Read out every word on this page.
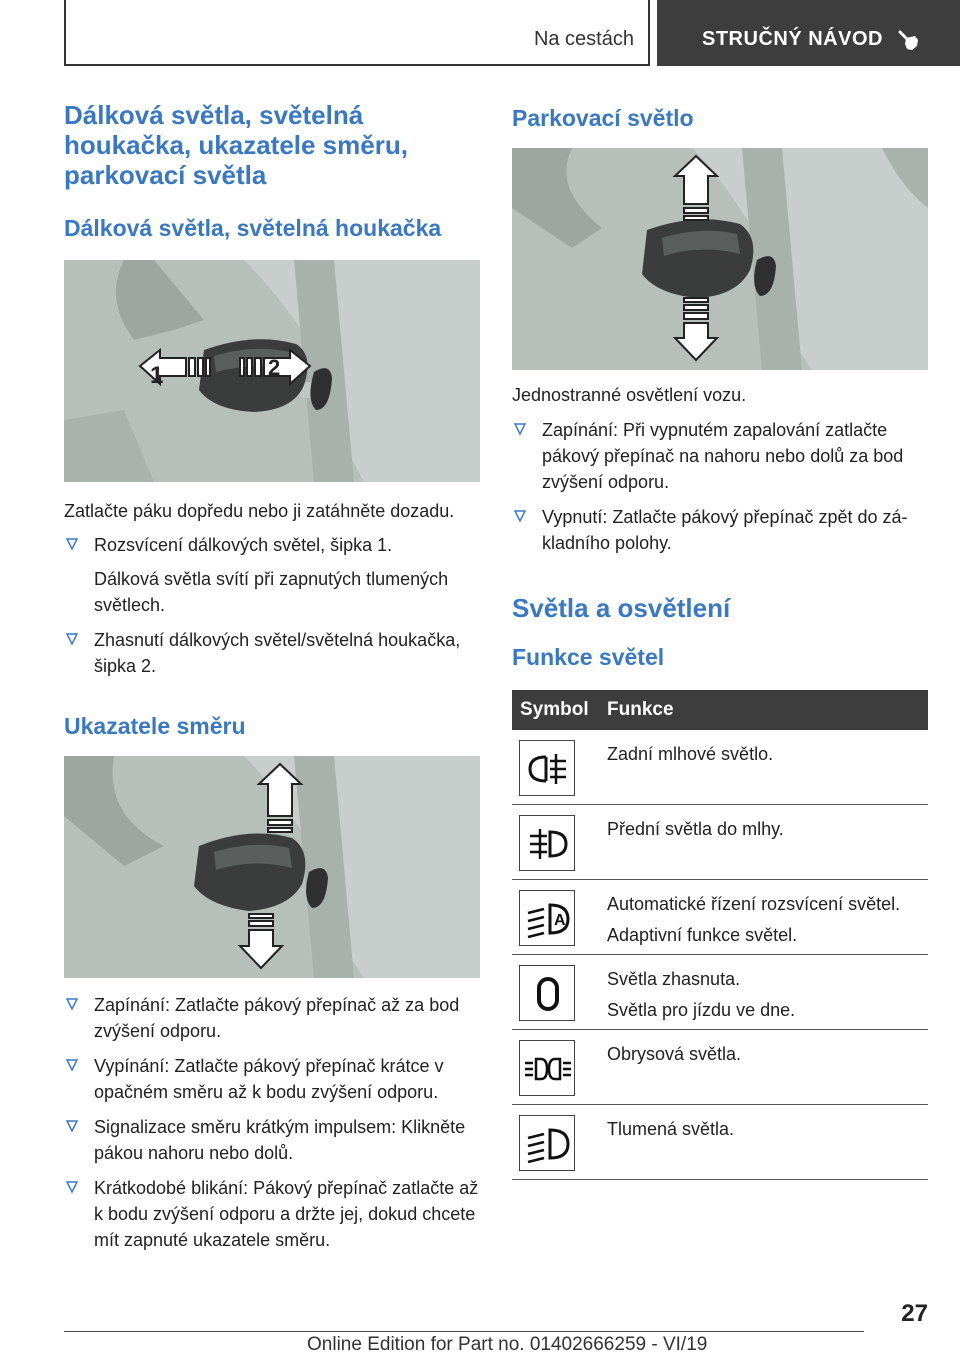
Na cestách	STRUČNÝ NÁVOD
Dálková světla, světelná houkačka, ukazatele směru, parkovací světla
Dálková světla, světelná houkačka
1	2

Zatlačte páku dopředu nebo ji zatáhněte dozadu.

Rozsvícení dálkových světel, šipka 1.
Dálková světla svítí při zapnutých tlumených světlech.
Zhasnutí dálkových světel/světelná houkačka, šipka 2.
Ukazatele směru
Zapínání: Zatlačte pákový přepínač až za bod zvýšení odporu.
Vypínání: Zatlačte pákový přepínač krátce v opačném směru až k bodu zvýšení odporu.
Signalizace směru krátkým impulsem: Klikněte pákou nahoru nebo dolů.
Krátkodobé blikání: Pákový přepínač zatlačte až k bodu zvýšení odporu a držte jej, dokud chcete mít zapnuté ukazatele směru.
Parkovací světlo

Jednostranné osvětlení vozu.

Zapínání: Při vypnutém zapalování zatlačte pákový přepínač na nahoru nebo dolů za bod zvýšení odporu.
Vypnutí: Zatlačte pákový přepínač zpět do základního polohy.
Světla a osvětlení
Funkce světel
Symbol Funkce
Zadní mlhové světlo.
Přední světla do mlhy.
A
Automatické řízení rozsvícení světel.
Adaptivní funkce světel.
Světla zhasnuta.
Světla pro jízdu ve dne.
Obrysová světla.
Tlumená světla.
27
Online Edition for Part no. 01402666259 - VI/19
